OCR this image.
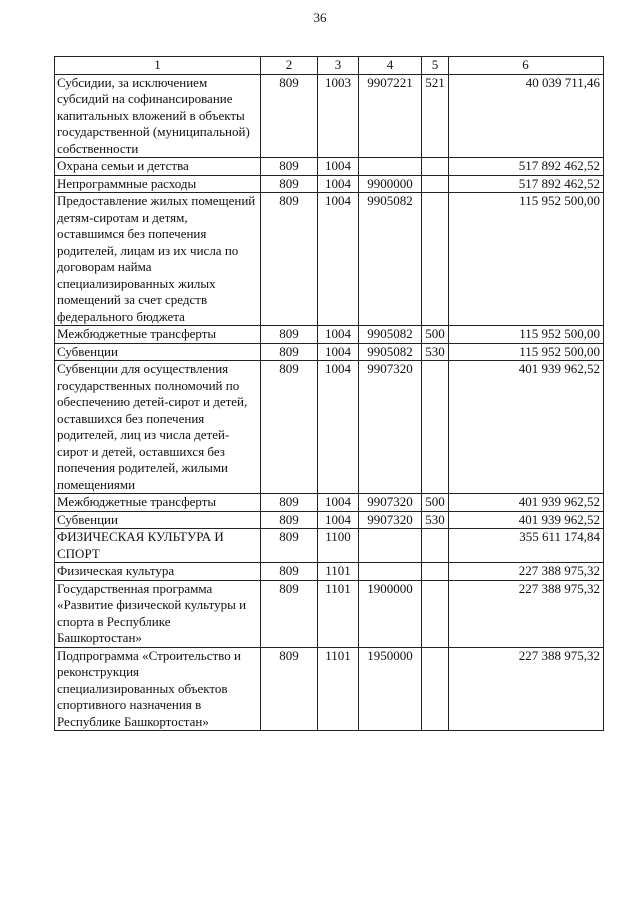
36
1	2	3	4	5	6
Субсидии, за исключением субсидий на софинансирование капитальных вложений в объекты государственной (муниципальной) собственности	809	1003	9907221	521	40 039 711,46
Охрана семьи и детства	809	1004			517 892 462,52
Непрограммные расходы	809	1004	9900000		517 892 462,52
Предоставление жилых помещений детям-сиротам и детям, оставшимся без попечения родителей, лицам из их числа по договорам найма специализированных жилых помещений за счет средств федерального бюджета	809	1004	9905082		115 952 500,00
Межбюджетные трансферты	809	1004	9905082	500	115 952 500,00
Субвенции	809	1004	9905082	530	115 952 500,00
Субвенции для осуществления государственных полномочий по обеспечению детей-сирот и детей, оставшихся без попечения родителей, лиц из числа детей-сирот и детей, оставшихся без попечения родителей, жилыми помещениями	809	1004	9907320		401 939 962,52
Межбюджетные трансферты	809	1004	9907320	500	401 939 962,52
Субвенции	809	1004	9907320	530	401 939 962,52
ФИЗИЧЕСКАЯ КУЛЬТУРА И СПОРТ	809	1100			355 611 174,84
Физическая культура	809	1101			227 388 975,32
Государственная программа «Развитие физической культуры и спорта в Республике Башкортостан»	809	1101	1900000		227 388 975,32
Подпрограмма «Строительство и реконструкция специализированных объектов спортивного назначения в Республике Башкортостан»	809	1101	1950000		227 388 975,32
